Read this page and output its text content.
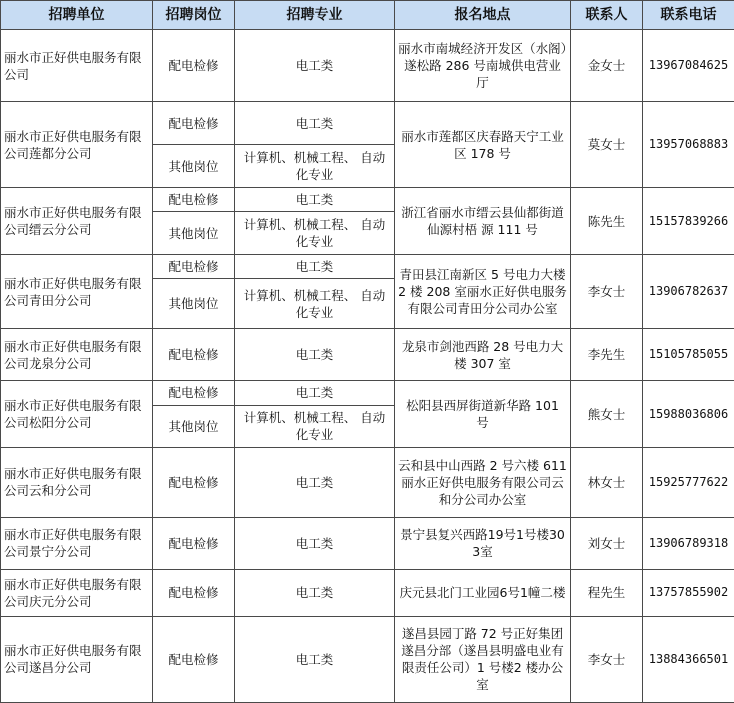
招聘单位	招聘岗位	招聘专业	报名地点	联系人	联系电话
丽水市正好供电服务有限公司	配电检修	电工类	丽水市南城经济开发区（水阁）遂松路 286 号南城供电营业厅	金女士	13967084625
丽水市正好供电服务有限公司莲都分公司	配电检修	电工类	丽水市莲都区庆春路天宁工业区 178 号	莫女士	13957068883
	其他岗位	计算机、机械工程、 自动化专业			
丽水市正好供电服务有限公司缙云分公司	配电检修	电工类	浙江省丽水市缙云县仙都街道仙源村梧 源 111 号	陈先生	15157839266
	其他岗位	计算机、机械工程、 自动化专业			
丽水市正好供电服务有限公司青田分公司	配电检修	电工类	青田县江南新区 5 号电力大楼 2 楼 208 室丽水正好供电服务有限公司青田分公司办公室	李女士	13906782637
	其他岗位	计算机、机械工程、 自动化专业			
丽水市正好供电服务有限公司龙泉分公司	配电检修	电工类	龙泉市剑池西路 28 号电力大楼 307 室	李先生	15105785055
丽水市正好供电服务有限公司松阳分公司	配电检修	电工类	松阳县西屏街道新华路 101 号	熊女士	15988036806
	其他岗位	计算机、机械工程、 自动化专业			
丽水市正好供电服务有限公司云和分公司	配电检修	电工类	云和县中山西路 2 号六楼 611 丽水正好供电服务有限公司云和分公司办公室	林女士	15925777622
丽水市正好供电服务有限公司景宁分公司	配电检修	电工类	景宁县复兴西路19号1号楼303室	刘女士	13906789318
丽水市正好供电服务有限公司庆元分公司	配电检修	电工类	庆元县北门工业园6号1幢二楼	程先生	13757855902
丽水市正好供电服务有限公司遂昌分公司	配电检修	电工类	遂昌县园丁路 72 号正好集团遂昌分部（遂昌县明盛电业有限责任公司）1 号楼2 楼办公室	李女士	13884366501
